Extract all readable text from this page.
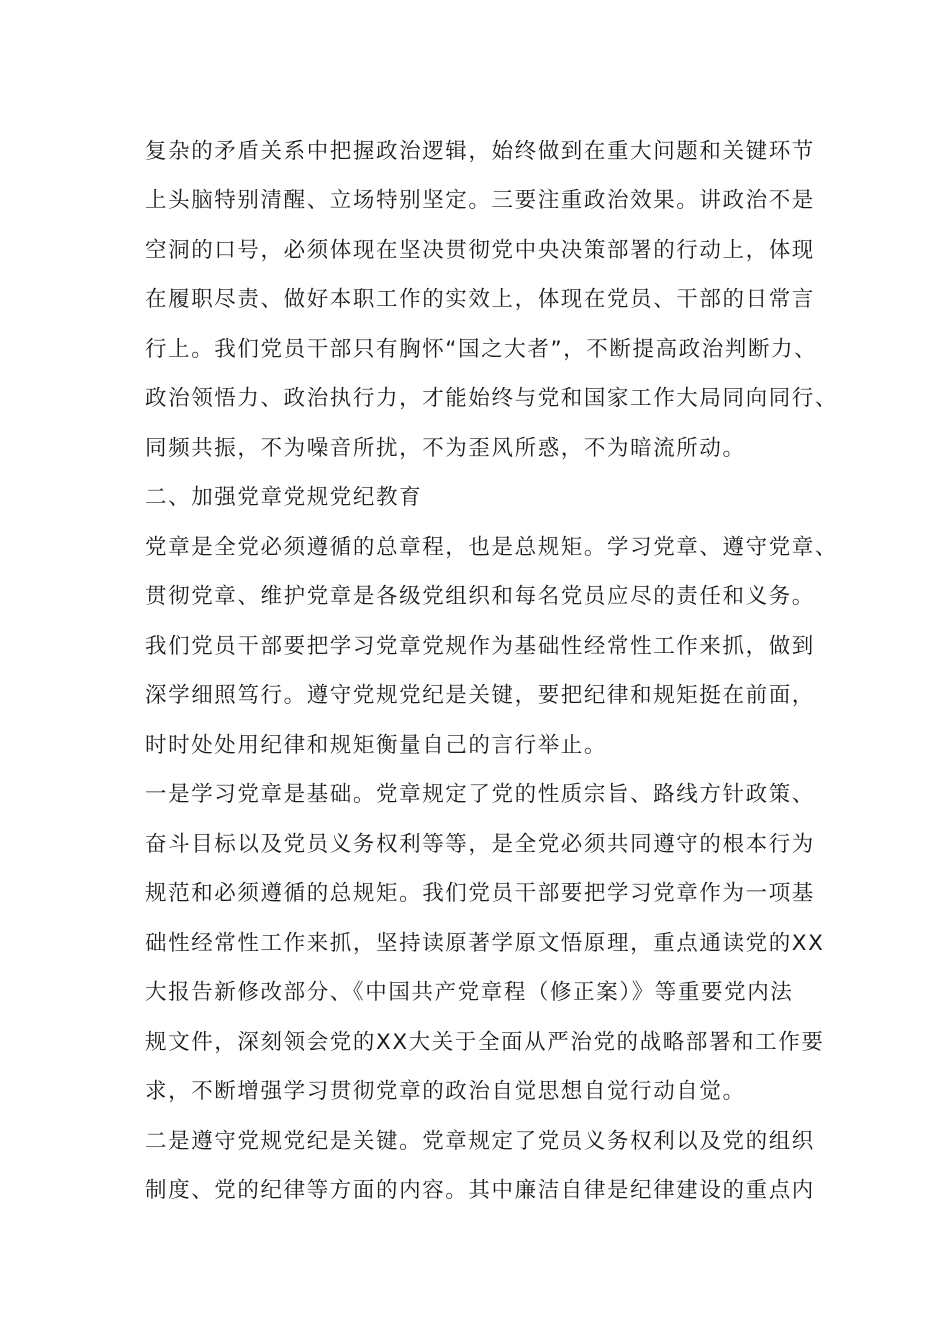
复杂的矛盾关系中把握政治逻辑，始终做到在重大问题和关键环节
上头脑特别清醒、立场特别坚定。三要注重政治效果。讲政治不是
空洞的口号，必须体现在坚决贯彻党中央决策部署的行动上，体现
在履职尽责、做好本职工作的实效上，体现在党员、干部的日常言
行上。我们党员干部只有胸怀“国之大者”，不断提高政治判断力、
政治领悟力、政治执行力，才能始终与党和国家工作大局同向同行、
同频共振，不为噪音所扰，不为歪风所惑，不为暗流所动。
二、加强党章党规党纪教育
党章是全党必须遵循的总章程，也是总规矩。学习党章、遵守党章、
贯彻党章、维护党章是各级党组织和每名党员应尽的责任和义务。
我们党员干部要把学习党章党规作为基础性经常性工作来抓，做到
深学细照笃行。遵守党规党纪是关键，要把纪律和规矩挺在前面，
时时处处用纪律和规矩衡量自己的言行举止。
一是学习党章是基础。党章规定了党的性质宗旨、路线方针政策、
奋斗目标以及党员义务权利等等，是全党必须共同遵守的根本行为
规范和必须遵循的总规矩。我们党员干部要把学习党章作为一项基
础性经常性工作来抓，坚持读原著学原文悟原理，重点通读党的XX
大报告新修改部分、《中国共产党章程（修正案）》等重要党内法
规文件，深刻领会党的XX大关于全面从严治党的战略部署和工作要
求，不断增强学习贯彻党章的政治自觉思想自觉行动自觉。
二是遵守党规党纪是关键。党章规定了党员义务权利以及党的组织
制度、党的纪律等方面的内容。其中廉洁自律是纪律建设的重点内
